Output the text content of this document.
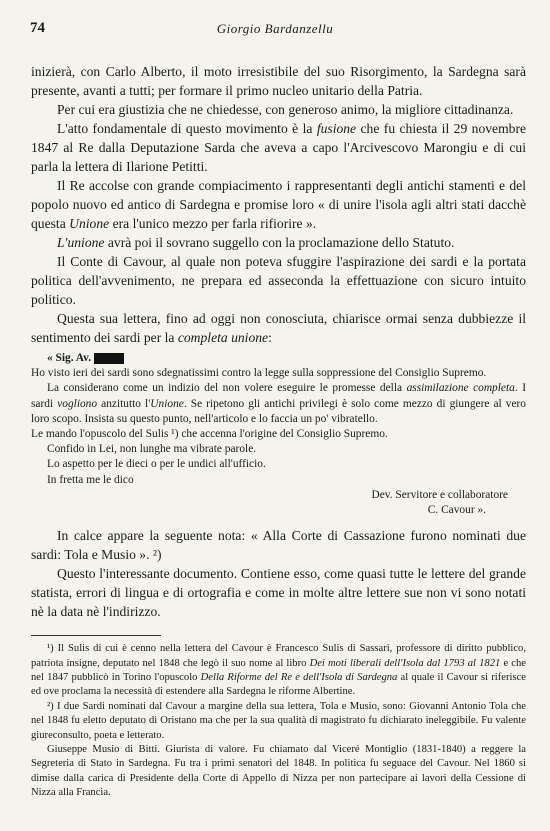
74	Giorgio Bardanzellu

inizierà, con Carlo Alberto, il moto irresistibile del suo Risorgimento, la Sardegna sarà presente, avanti a tutti; per formare il primo nucleo unitario della Patria.

Per cui era giustizia che ne chiedesse, con generoso animo, la migliore cittadinanza.

L'atto fondamentale di questo movimento è la fusione che fu chiesta il 29 novembre 1847 al Re dalla Deputazione Sarda che aveva a capo l'Arcivescovo Marongiu e di cui parla la lettera di Ilarione Petitti.

Il Re accolse con grande compiacimento i rappresentanti degli antichi stamenti e del popolo nuovo ed antico di Sardegna e promise loro « di unire l'isola agli altri stati dacchè questa Unione era l'unico mezzo per farla rifiorire ».

L'unione avrà poi il sovrano suggello con la proclamazione dello Statuto.

Il Conte di Cavour, al quale non poteva sfuggire l'aspirazione dei sardi e la portata politica dell'avvenimento, ne prepara ed asseconda la effettuazione con sicuro intuito politico.

Questa sua lettera, fino ad oggi non conosciuta, chiarisce ormai senza dubbiezze il sentimento dei sardi per la completa unione:

« Sig. Av.

Ho visto ieri dei sardi sono sdegnatissimi contro la legge sulla soppressione del Consiglio Supremo.

La considerano come un indizio del non volere eseguire le promesse della assimilazione completa. I sardi vogliono anzitutto l'Unione. Se ripetono gli antichi privilegi è solo come mezzo di giungere al vero loro scopo. Insista su questo punto, nell'articolo e lo faccia un po' vibratello.

Le mando l'opuscolo del Sulis ¹) che accenna l'origine del Consiglio Supremo.

Confido in Lei, non lunghe ma vibrate parole.

Lo aspetto per le dieci o per le undici all'ufficio.

In fretta me le dico

Dev. Servitore e collaboratore

C. Cavour ».

In calce appare la seguente nota: « Alla Corte di Cassazione furono nominati due sardi: Tola e Musio ». ²)

Questo l'interessante documento. Contiene esso, come quasi tutte le lettere del grande statista, errori di lingua e di ortografia e come in molte altre lettere sue non vi sono notati nè la data nè l'indirizzo.

¹) Il Sulis di cui è cenno nella lettera del Cavour è Francesco Sulis di Sassari, professore di diritto pubblico, patriota insigne, deputato nel 1848 che legò il suo nome al libro Dei moti liberali dell'Isola dal 1793 al 1821 e che nel 1847 pubblicò in Torino l'opuscolo Della Riforme del Re e dell'Isola di Sardegna al quale il Cavour si riferisce ed ove proclama la necessità di estendere alla Sardegna le riforme Albertine.

²) I due Sardi nominati dal Cavour a margine della sua lettera, Tola e Musio, sono: Giovanni Antonio Tola che nel 1848 fu eletto deputato di Oristano ma che per la sua qualità di magistrato fu dichiarato ineleggibile. Fu valente giureconsulto, poeta e letterato.

Giuseppe Musio di Bitti. Giurista di valore. Fu chiamato dal Viceré Montiglio (1831-1840) a reggere la Segreteria di Stato in Sardegna. Fu tra i primi senatori del 1848. In politica fu seguace del Cavour. Nel 1860 si dimise dalla carica di Presidente della Corte di Appello di Nizza per non partecipare ai lavori della Cessione di Nizza alla Francia.
